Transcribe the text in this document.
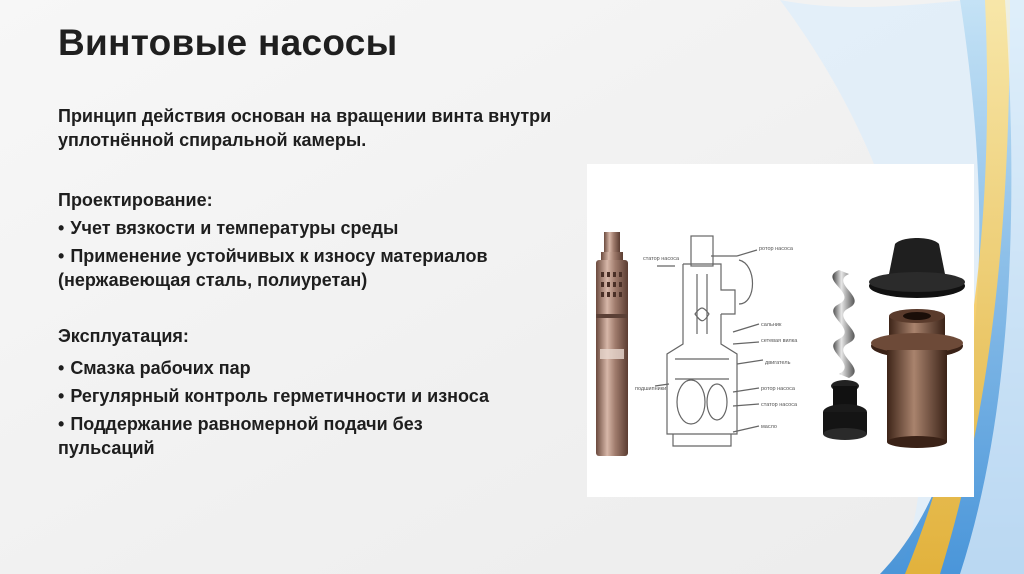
Винтовые насосы
Принцип действия основан на вращении винта внутри уплотнённой спиральной камеры.
Проектирование:
• Учет вязкости и температуры среды
• Применение устойчивых к износу материалов (нержавеющая сталь, полиуретан)
Эксплуатация:
• Смазка рабочих пар
• Регулярный контроль герметичности и износа
• Поддержание равномерной подачи без пульсаций
статор насоса
ротор насоса
сальник
сетевая вилка
двигатель
подшипники	ротор насоса
статор насоса
масло
